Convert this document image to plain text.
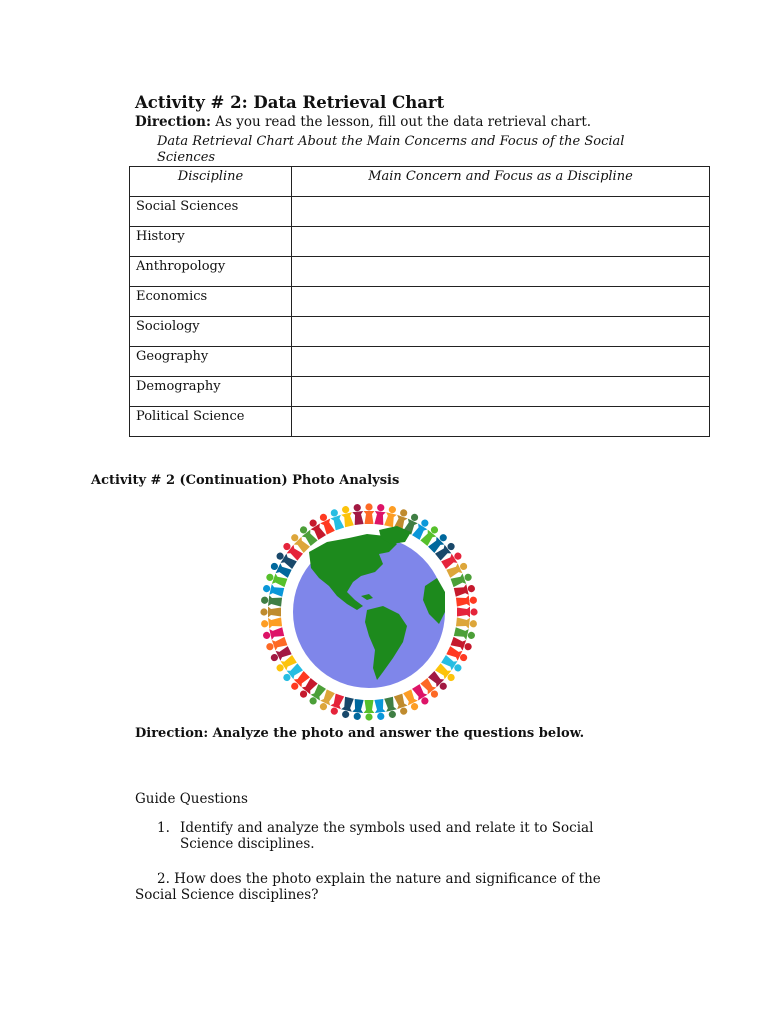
Activity # 2: Data Retrieval Chart
Direction: As you read the lesson, fill out the data retrieval chart.
Data Retrieval Chart About the Main Concerns and Focus of the Social Sciences
Discipline	Main Concern and Focus as a Discipline
Social Sciences	
History	
Anthropology	
Economics	
Sociology	
Geography	
Demography	
Political Science	
Activity # 2 (Continuation) Photo Analysis
Direction: Analyze the photo and answer the questions below.
Guide Questions
1. Identify and analyze the symbols used and relate it to Social Science disciplines.
2. How does the photo explain the nature and significance of the Social Science disciplines?
